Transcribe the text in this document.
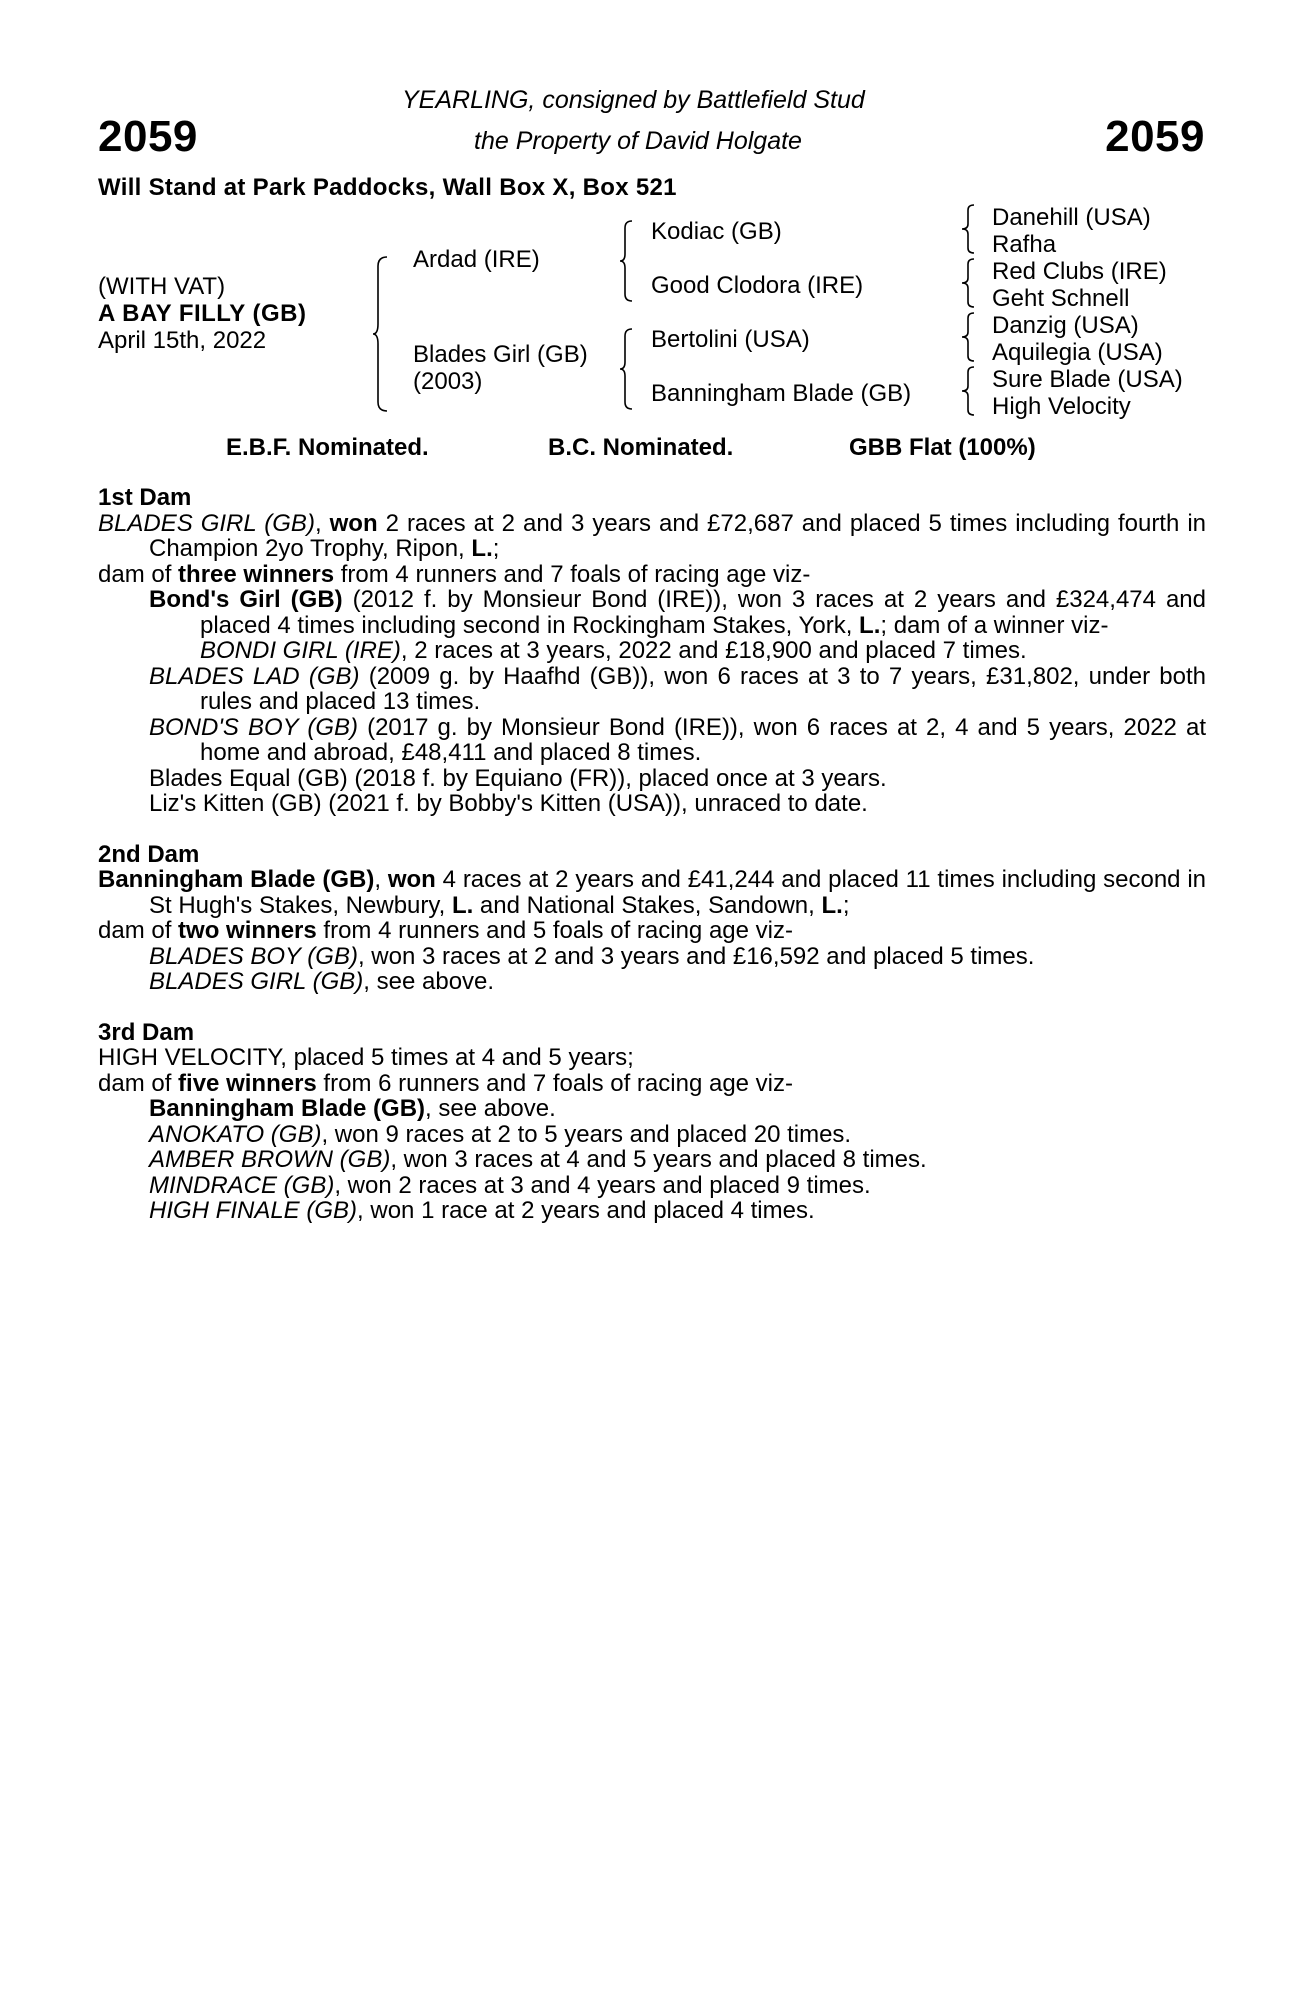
2059	2059
YEARLING, consigned by Battlefield Stud
the Property of David Holgate
Will Stand at Park Paddocks, Wall Box X, Box 521
(WITH VAT)
A BAY FILLY (GB)
April 15th, 2022
Ardad (IRE)
Blades Girl (GB)
(2003)
Kodiac (GB)
Good Clodora (IRE)
Bertolini (USA)
Banningham Blade (GB)
Danehill (USA)
Rafha
Red Clubs (IRE)
Geht Schnell
Danzig (USA)
Aquilegia (USA)
Sure Blade (USA)
High Velocity
E.B.F. Nominated.	B.C. Nominated.	GBB Flat (100%)
1st Dam

BLADES GIRL (GB), won 2 races at 2 and 3 years and £72,687 and placed 5 times including fourth in Champion 2yo Trophy, Ripon, L.;

dam of three winners from 4 runners and 7 foals of racing age viz-

Bond's Girl (GB) (2012 f. by Monsieur Bond (IRE)), won 3 races at 2 years and £324,474 and placed 4 times including second in Rockingham Stakes, York, L.; dam of a winner viz-

BONDI GIRL (IRE), 2 races at 3 years, 2022 and £18,900 and placed 7 times.

BLADES LAD (GB) (2009 g. by Haafhd (GB)), won 6 races at 3 to 7 years, £31,802, under both rules and placed 13 times.

BOND'S BOY (GB) (2017 g. by Monsieur Bond (IRE)), won 6 races at 2, 4 and 5 years, 2022 at home and abroad, £48,411 and placed 8 times.

Blades Equal (GB) (2018 f. by Equiano (FR)), placed once at 3 years.

Liz's Kitten (GB) (2021 f. by Bobby's Kitten (USA)), unraced to date.

2nd Dam

Banningham Blade (GB), won 4 races at 2 years and £41,244 and placed 11 times including second in St Hugh's Stakes, Newbury, L. and National Stakes, Sandown, L.;

dam of two winners from 4 runners and 5 foals of racing age viz-

BLADES BOY (GB), won 3 races at 2 and 3 years and £16,592 and placed 5 times.

BLADES GIRL (GB), see above.

3rd Dam

HIGH VELOCITY, placed 5 times at 4 and 5 years;

dam of five winners from 6 runners and 7 foals of racing age viz-

Banningham Blade (GB), see above.

ANOKATO (GB), won 9 races at 2 to 5 years and placed 20 times.

AMBER BROWN (GB), won 3 races at 4 and 5 years and placed 8 times.

MINDRACE (GB), won 2 races at 3 and 4 years and placed 9 times.

HIGH FINALE (GB), won 1 race at 2 years and placed 4 times.
